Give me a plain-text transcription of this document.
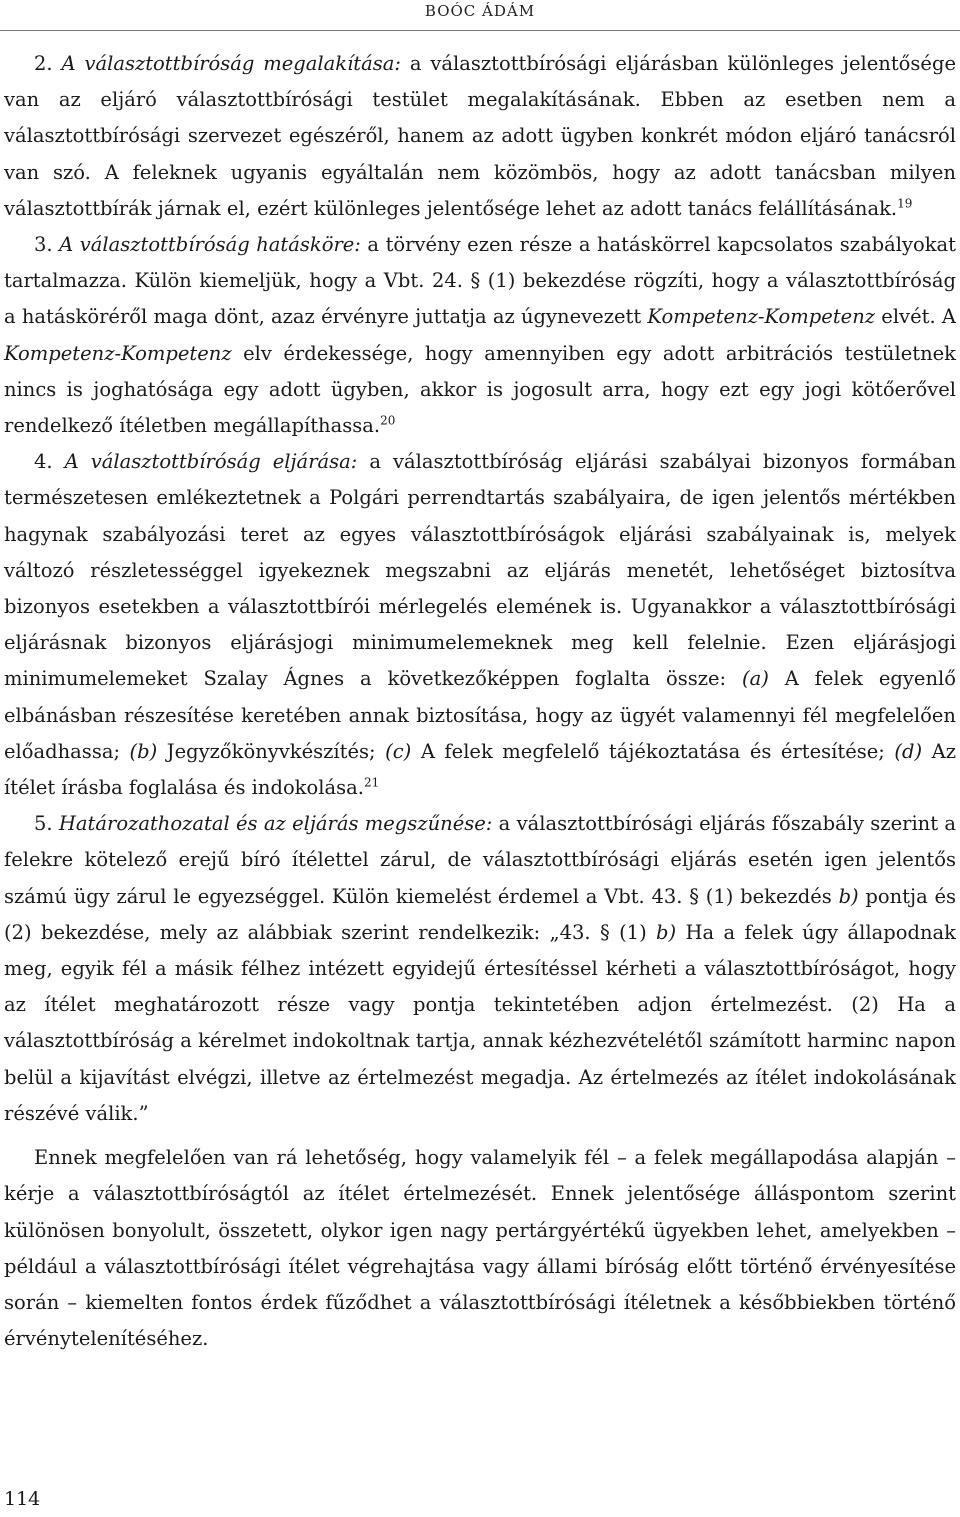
BOÓC ÁDÁM

2. A választottbíróság megalakítása: a választottbírósági eljárásban különleges jelentősége van az eljáró választottbírósági testület megalakításának. Ebben az esetben nem a választottbírósági szervezet egészéről, hanem az adott ügyben konkrét módon eljáró tanácsról van szó. A feleknek ugyanis egyáltalán nem közömbös, hogy az adott tanácsban milyen választottbírák járnak el, ezért különleges jelentősége lehet az adott tanács felállításának.$^{19}$

3. A választottbíróság hatásköre: a törvény ezen része a hatáskörrel kapcsolatos szabályokat tartalmazza. Külön kiemeljük, hogy a Vbt. 24. § (1) bekezdése rögzíti, hogy a választottbíróság a hatásköréről maga dönt, azaz érvényre juttatja az úgynevezett Kompetenz-Kompetenz elvét. A Kompetenz-Kompetenz elv érdekessége, hogy amennyiben egy adott arbitrációs testületnek nincs is joghatósága egy adott ügyben, akkor is jogosult arra, hogy ezt egy jogi kötőerővel rendelkező ítéletben megállapíthassa.$^{20}$

4. A választottbíróság eljárása: a választottbíróság eljárási szabályai bizonyos formában természetesen emlékeztetnek a Polgári perrendtartás szabályaira, de igen jelentős mértékben hagynak szabályozási teret az egyes választottbíróságok eljárási szabályainak is, melyek változó részletességgel igyekeznek megszabni az eljárás menetét, lehetőséget biztosítva bizonyos esetekben a választottbírói mérlegelés elemének is. Ugyanakkor a választottbírósági eljárásnak bizonyos eljárásjogi minimumelemeknek meg kell felelnie. Ezen eljárásjogi minimumelemeket Szalay Ágnes a következőképpen foglalta össze: (a) A felek egyenlő elbánásban részesítése keretében annak biztosítása, hogy az ügyét valamennyi fél megfelelően előadhassa; (b) Jegyzőkönyvkészítés; (c) A felek megfelelő tájékoztatása és értesítése; (d) Az ítélet írásba foglalása és indokolása.$^{21}$

5. Határozathozatal és az eljárás megszűnése: a választottbírósági eljárás főszabály szerint a felekre kötelező erejű bíró ítélettel zárul, de választottbírósági eljárás esetén igen jelentős számú ügy zárul le egyezséggel. Külön kiemelést érdemel a Vbt. 43. § (1) bekezdés b) pontja és (2) bekezdése, mely az alábbiak szerint rendelkezik: „43. § (1) b) Ha a felek úgy állapodnak meg, egyik fél a másik félhez intézett egyidejű értesítéssel kérheti a választottbíróságot, hogy az ítélet meghatározott része vagy pontja tekintetében adjon értelmezést. (2) Ha a választottbíróság a kérelmet indokoltnak tartja, annak kézhezvételétől számított harminc napon belül a kijavítást elvégzi, illetve az értelmezést megadja. Az értelmezés az ítélet indokolásának részévé válik.”

Ennek megfelelően van rá lehetőség, hogy valamelyik fél – a felek megállapodása alapján – kérje a választottbíróságtól az ítélet értelmezését. Ennek jelentősége álláspontom szerint különösen bonyolult, összetett, olykor igen nagy pertárgyértékű ügyekben lehet, amelyekben – például a választottbírósági ítélet végrehajtása vagy állami bíróság előtt történő érvényesítése során – kiemelten fontos érdek fűződhet a választottbírósági ítéletnek a későbbiekben történő érvénytelenítéséhez.

114
